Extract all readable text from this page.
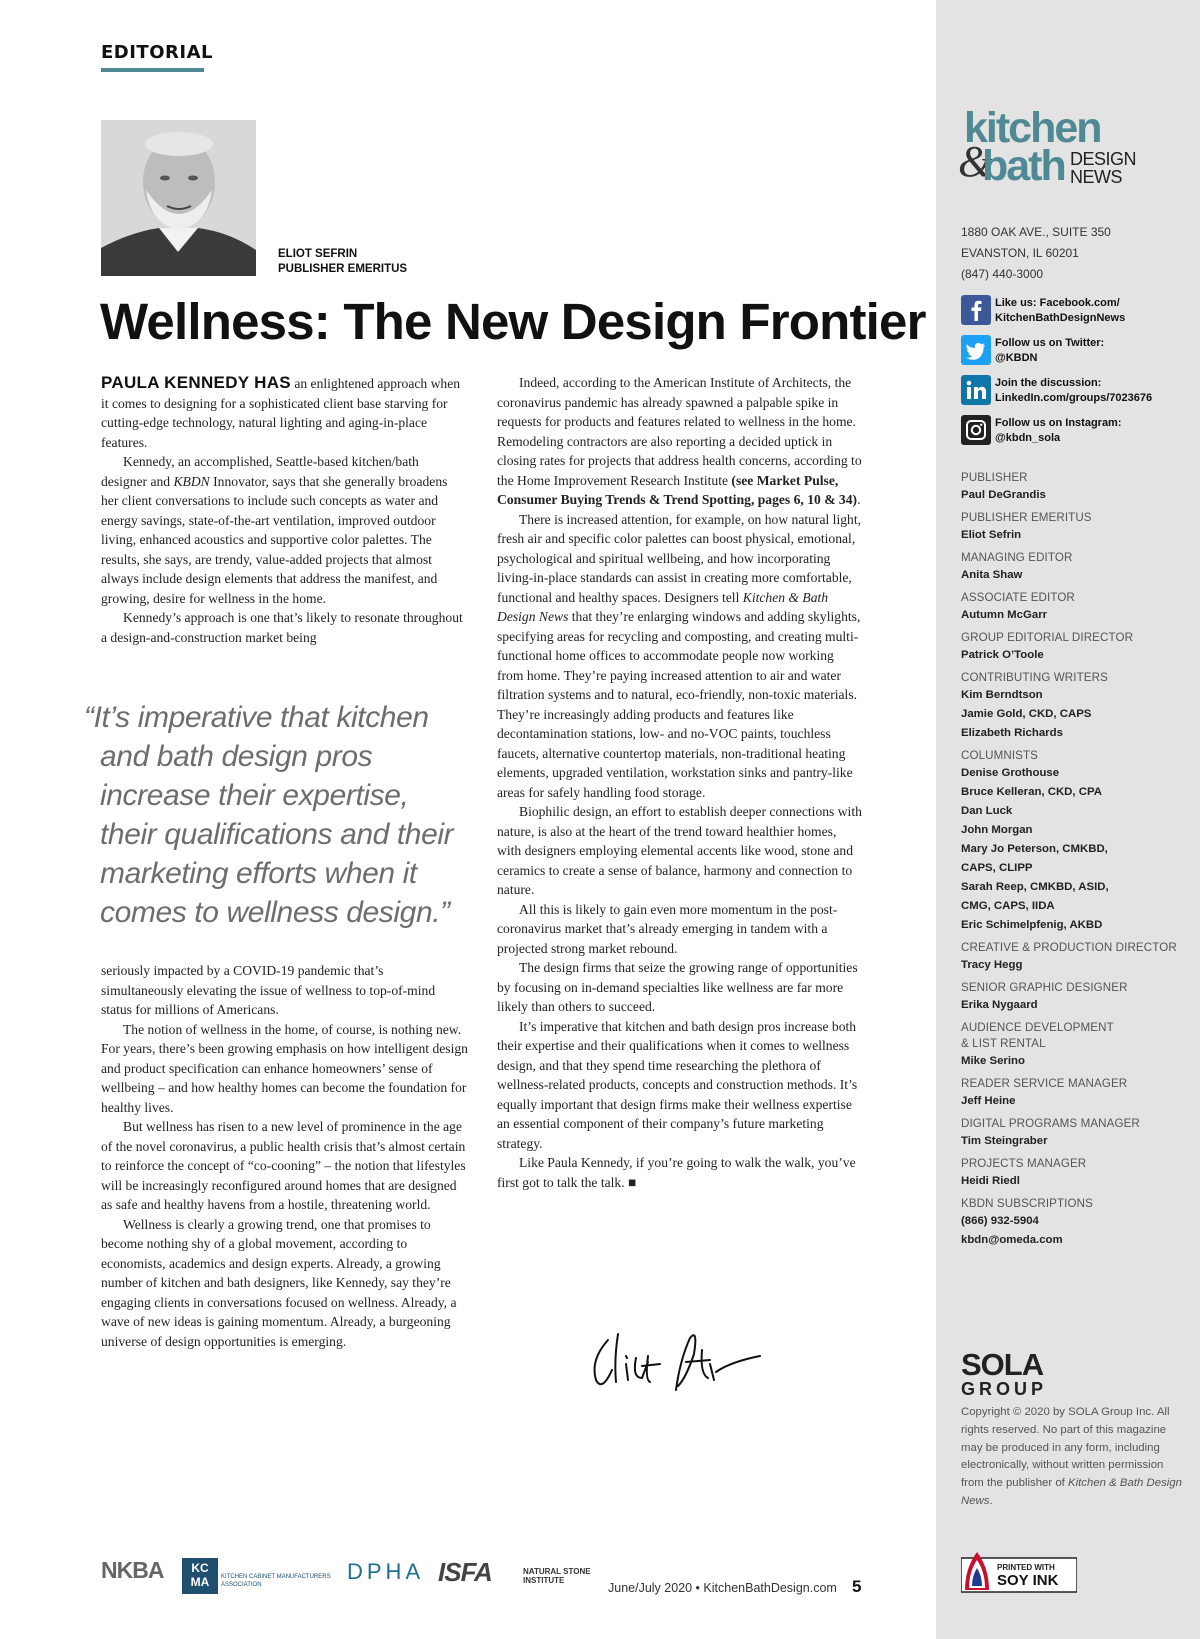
EDITORIAL
ELIOT SEFRIN
PUBLISHER EMERITUS
Wellness: The New Design Frontier

PAULA KENNEDY HAS an enlightened approach when it comes to designing for a sophisticated client base starving for cutting-edge technology, natural lighting and aging-in-place features.

Kennedy, an accomplished, Seattle-based kitchen/bath designer and KBDN Innovator, says that she generally broadens her client conversations to include such concepts as water and energy savings, state-of-the-art ventilation, improved outdoor living, enhanced acoustics and supportive color palettes. The results, she says, are trendy, value-added projects that almost always include design elements that address the manifest, and growing, desire for wellness in the home.

Kennedy’s approach is one that’s likely to resonate throughout a design-and-construction market being

“It’s imperative that kitchen
and bath design pros
increase their expertise,
their qualifications and their
marketing efforts when it
comes to wellness design.”

seriously impacted by a COVID-19 pandemic that’s simultaneously elevating the issue of wellness to top-of-mind status for millions of Americans.

The notion of wellness in the home, of course, is nothing new. For years, there’s been growing emphasis on how intelligent design and product specification can enhance homeowners’ sense of wellbeing – and how healthy homes can become the foundation for healthy lives.

But wellness has risen to a new level of prominence in the age of the novel coronavirus, a public health crisis that’s almost certain to reinforce the concept of “co-cooning” – the notion that lifestyles will be increasingly reconfigured around homes that are designed as safe and healthy havens from a hostile, threatening world.

Wellness is clearly a growing trend, one that promises to become nothing shy of a global movement, according to economists, academics and design experts. Already, a growing number of kitchen and bath designers, like Kennedy, say they’re engaging clients in conversations focused on wellness. Already, a wave of new ideas is gaining momentum. Already, a burgeoning universe of design opportunities is emerging.

Indeed, according to the American Institute of Architects, the coronavirus pandemic has already spawned a palpable spike in requests for products and features related to wellness in the home. Remodeling contractors are also reporting a decided uptick in closing rates for projects that address health concerns, according to the Home Improvement Research Institute (see Market Pulse, Consumer Buying Trends & Trend Spotting, pages 6, 10 & 34).

There is increased attention, for example, on how natural light, fresh air and specific color palettes can boost physical, emotional, psychological and spiritual wellbeing, and how incorporating living-in-place standards can assist in creating more comfortable, functional and healthy spaces. Designers tell Kitchen & Bath Design News that they’re enlarging windows and adding skylights, specifying areas for recycling and composting, and creating multi-functional home offices to accommodate people now working from home. They’re paying increased attention to air and water filtration systems and to natural, eco-friendly, non-toxic materials. They’re increasingly adding products and features like decontamination stations, low- and no-VOC paints, touchless faucets, alternative countertop materials, non-traditional heating elements, upgraded ventilation, workstation sinks and pantry-like areas for safely handling food storage.

Biophilic design, an effort to establish deeper connections with nature, is also at the heart of the trend toward healthier homes, with designers employing elemental accents like wood, stone and ceramics to create a sense of balance, harmony and connection to nature.

All this is likely to gain even more momentum in the post-coronavirus market that’s already emerging in tandem with a projected strong market rebound.

The design firms that seize the growing range of opportunities by focusing on in-demand specialties like wellness are far more likely than others to succeed.

It’s imperative that kitchen and bath design pros increase both their expertise and their qualifications when it comes to wellness design, and that they spend time researching the plethora of wellness-related products, concepts and construction methods. It’s equally important that design firms make their wellness expertise an essential component of their company’s future marketing strategy.

Like Paula Kennedy, if you’re going to walk the walk, you’ve first got to talk the talk. ■

NKBA	KC
MA	KITCHEN CABINET MANUFACTURERS ASSOCIATION
DPHA ISFA	NATURAL STONE INSTITUTE
June/July 2020 • KitchenBathDesign.com 5
kitchen
&
bath DESIGN
NEWS
1880 OAK AVE., SUITE 350
EVANSTON, IL 60201
(847) 440-3000
Like us: Facebook.com/
KitchenBathDesignNews
Follow us on Twitter:
@KBDN
Join the discussion:
LinkedIn.com/groups/7023676
Follow us on Instagram:
@kbdn_sola
PUBLISHER
Paul DeGrandis
PUBLISHER EMERITUS
Eliot Sefrin
MANAGING EDITOR
Anita Shaw
ASSOCIATE EDITOR
Autumn McGarr
GROUP EDITORIAL DIRECTOR
Patrick O’Toole
CONTRIBUTING WRITERS
Kim Berndtson
Jamie Gold, CKD, CAPS
Elizabeth Richards
COLUMNISTS
Denise Grothouse
Bruce Kelleran, CKD, CPA
Dan Luck
John Morgan
Mary Jo Peterson, CMKBD,
CAPS, CLIPP
Sarah Reep, CMKBD, ASID,
CMG, CAPS, IIDA
Eric Schimelpfenig, AKBD
CREATIVE & PRODUCTION DIRECTOR
Tracy Hegg
SENIOR GRAPHIC DESIGNER
Erika Nygaard
AUDIENCE DEVELOPMENT
& LIST RENTAL
Mike Serino
READER SERVICE MANAGER
Jeff Heine
DIGITAL PROGRAMS MANAGER
Tim Steingraber
PROJECTS MANAGER
Heidi Riedl
KBDN SUBSCRIPTIONS
(866) 932-5904
kbdn@omeda.com
SOLA
GROUP
Copyright © 2020 by SOLA Group Inc. All rights reserved. No part of this magazine may be produced in any form, including electronically, without written permission from the publisher of Kitchen & Bath Design News.
PRINTED WITH
SOY INK
